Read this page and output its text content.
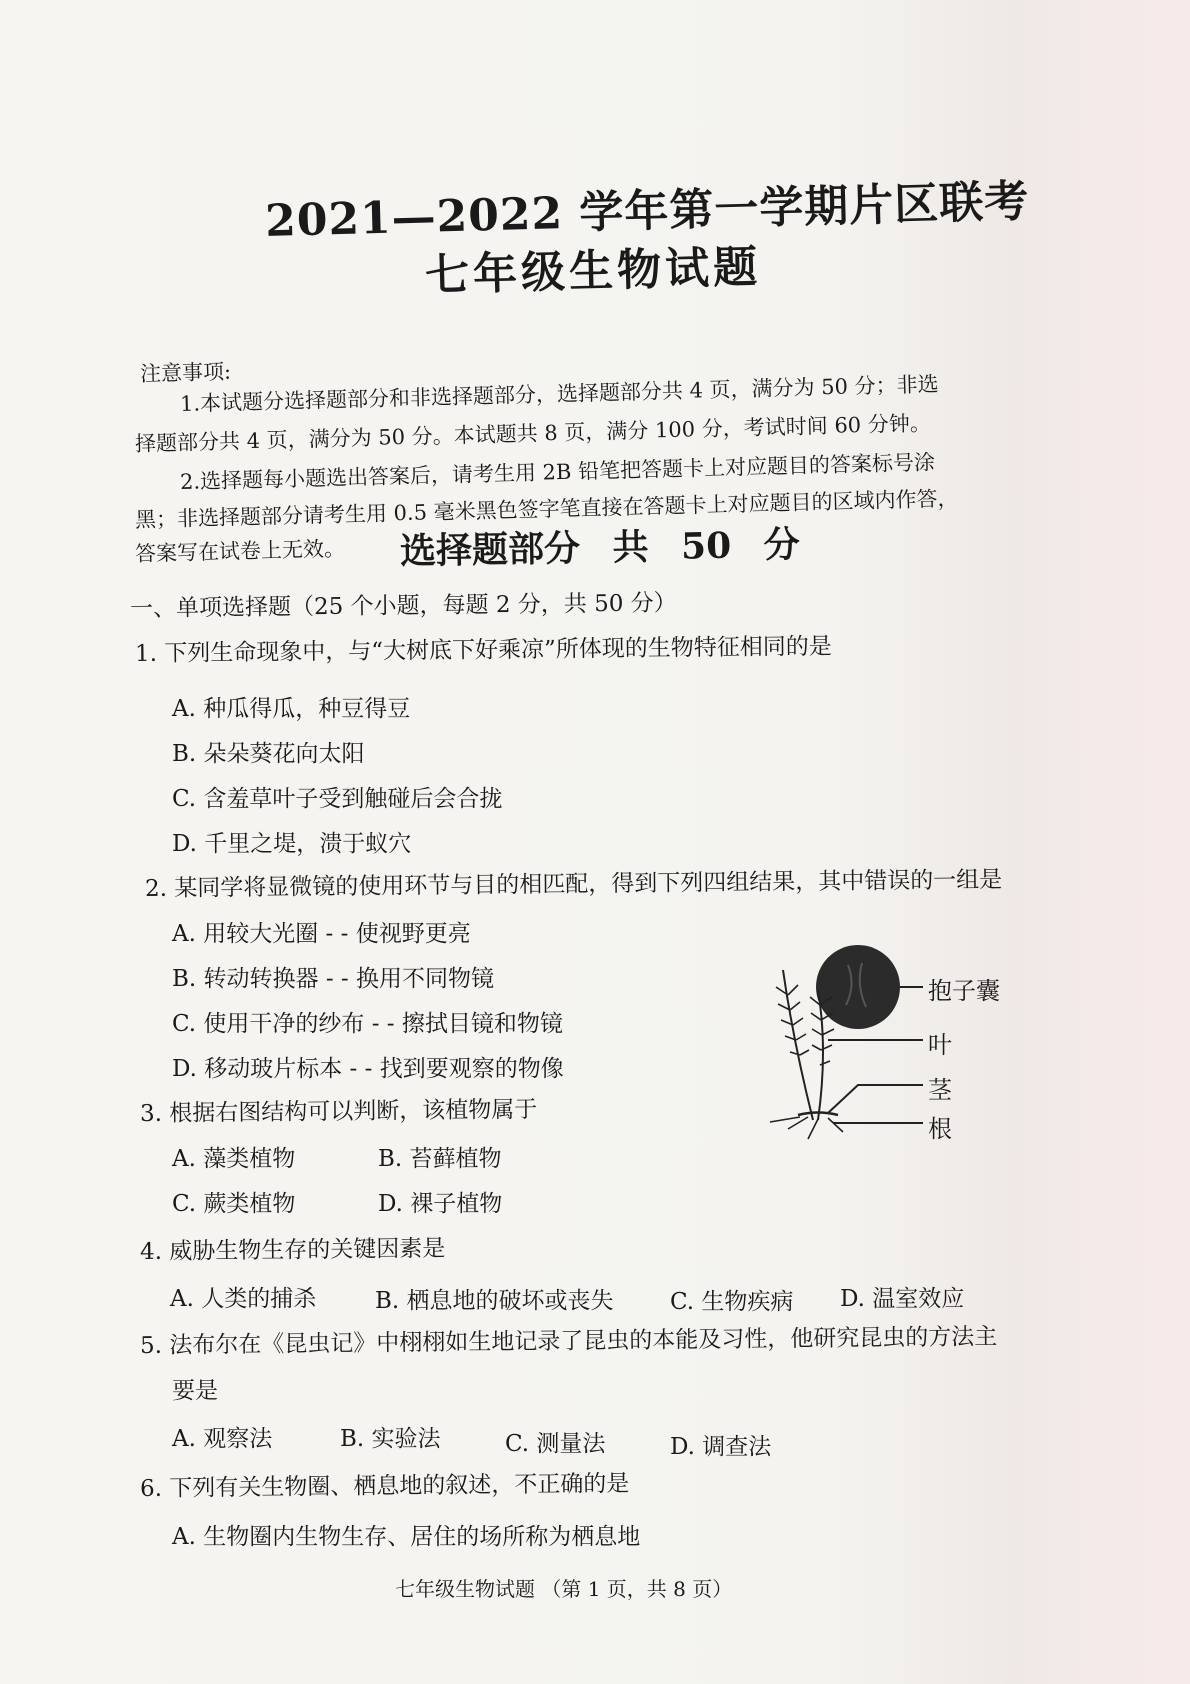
2021—2022 学年第一学期片区联考
七年级生物试题
注意事项:
1.本试题分选择题部分和非选择题部分，选择题部分共 4 页，满分为 50 分；非选
择题部分共 4 页，满分为 50 分。本试题共 8 页，满分 100 分，考试时间 60 分钟。
2.选择题每小题选出答案后，请考生用 2B 铅笔把答题卡上对应题目的答案标号涂
黑；非选择题部分请考生用 0.5 毫米黑色签字笔直接在答题卡上对应题目的区域内作答，
答案写在试卷上无效。 选择题部分 共 50 分
一、单项选择题（25 个小题，每题 2 分，共 50 分）
1. 下列生命现象中，与“大树底下好乘凉”所体现的生物特征相同的是
A. 种瓜得瓜，种豆得豆
B. 朵朵葵花向太阳
C. 含羞草叶子受到触碰后会合拢
D. 千里之堤，溃于蚁穴
2. 某同学将显微镜的使用环节与目的相匹配，得到下列四组结果，其中错误的一组是
A. 用较大光圈 - - 使视野更亮
B. 转动转换器 - - 换用不同物镜
C. 使用干净的纱布 - - 擦拭目镜和物镜
D. 移动玻片标本 - - 找到要观察的物像
3. 根据右图结构可以判断，该植物属于
A. 藻类植物	B. 苔藓植物
C. 蕨类植物	D. 裸子植物
4. 威胁生物生存的关键因素是
A. 人类的捕杀	B. 栖息地的破坏或丧失 C. 生物疾病 D. 温室效应
5. 法布尔在《昆虫记》中栩栩如生地记录了昆虫的本能及习性，他研究昆虫的方法主
要是
A. 观察法	B. 实验法	C. 测量法	D. 调查法
6. 下列有关生物圈、栖息地的叙述，不正确的是
A. 生物圈内生物生存、居住的场所称为栖息地
抱子囊
叶
茎
根
七年级生物试题 （第 1 页，共 8 页）
